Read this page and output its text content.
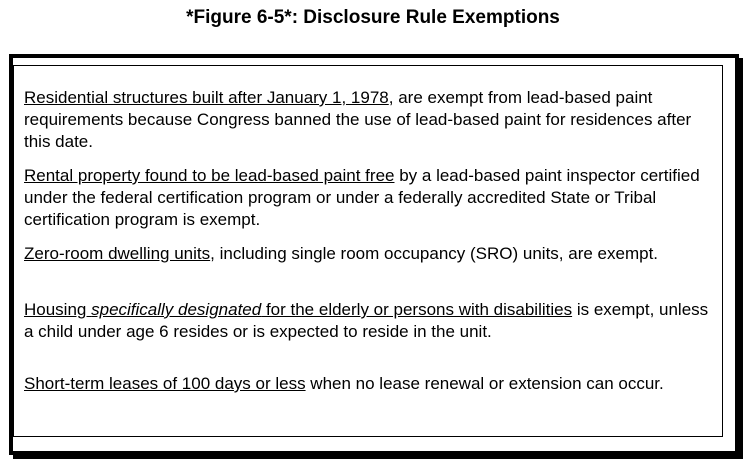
*Figure 6-5*: Disclosure Rule Exemptions

Residential structures built after January 1, 1978, are exempt from lead-based paint requirements because Congress banned the use of lead-based paint for residences after this date.

Rental property found to be lead-based paint free by a lead-based paint inspector certified under the federal certification program or under a federally accredited State or Tribal certification program is exempt.

Zero-room dwelling units, including single room occupancy (SRO) units, are exempt.

Housing specifically designated for the elderly or persons with disabilities is exempt, unless a child under age 6 resides or is expected to reside in the unit.

Short-term leases of 100 days or less when no lease renewal or extension can occur.
